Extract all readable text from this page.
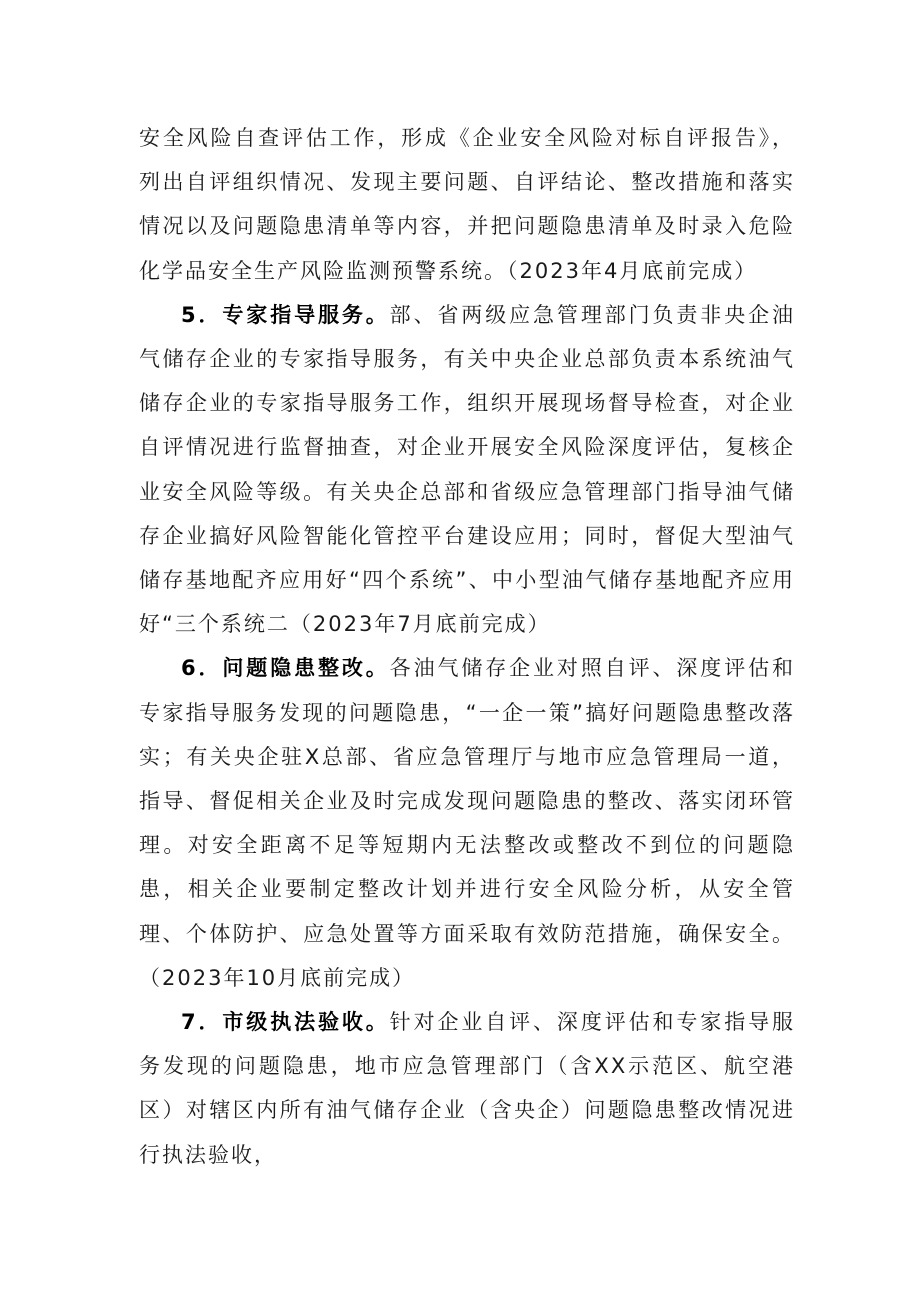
安全风险自查评估工作，形成《企业安全风险对标自评报告》，列出自评组织情况、发现主要问题、自评结论、整改措施和落实情况以及问题隐患清单等内容，并把问题隐患清单及时录入危险化学品安全生产风险监测预警系统。（2023年4月底前完成）

5．专家指导服务。部、省两级应急管理部门负责非央企油气储存企业的专家指导服务，有关中央企业总部负责本系统油气储存企业的专家指导服务工作，组织开展现场督导检查，对企业自评情况进行监督抽查，对企业开展安全风险深度评估，复核企业安全风险等级。有关央企总部和省级应急管理部门指导油气储存企业搞好风险智能化管控平台建设应用；同时，督促大型油气储存基地配齐应用好“四个系统”、中小型油气储存基地配齐应用好“三个系统二（2023年7月底前完成）

6．问题隐患整改。各油气储存企业对照自评、深度评估和专家指导服务发现的问题隐患，“一企一策”搞好问题隐患整改落实；有关央企驻X总部、省应急管理厅与地市应急管理局一道，指导、督促相关企业及时完成发现问题隐患的整改、落实闭环管理。对安全距离不足等短期内无法整改或整改不到位的问题隐患，相关企业要制定整改计划并进行安全风险分析，从安全管理、个体防护、应急处置等方面采取有效防范措施，确保安全。（2023年10月底前完成）

7．市级执法验收。针对企业自评、深度评估和专家指导服务发现的问题隐患，地市应急管理部门（含XX示范区、航空港区）对辖区内所有油气储存企业（含央企）问题隐患整改情况进行执法验收，
